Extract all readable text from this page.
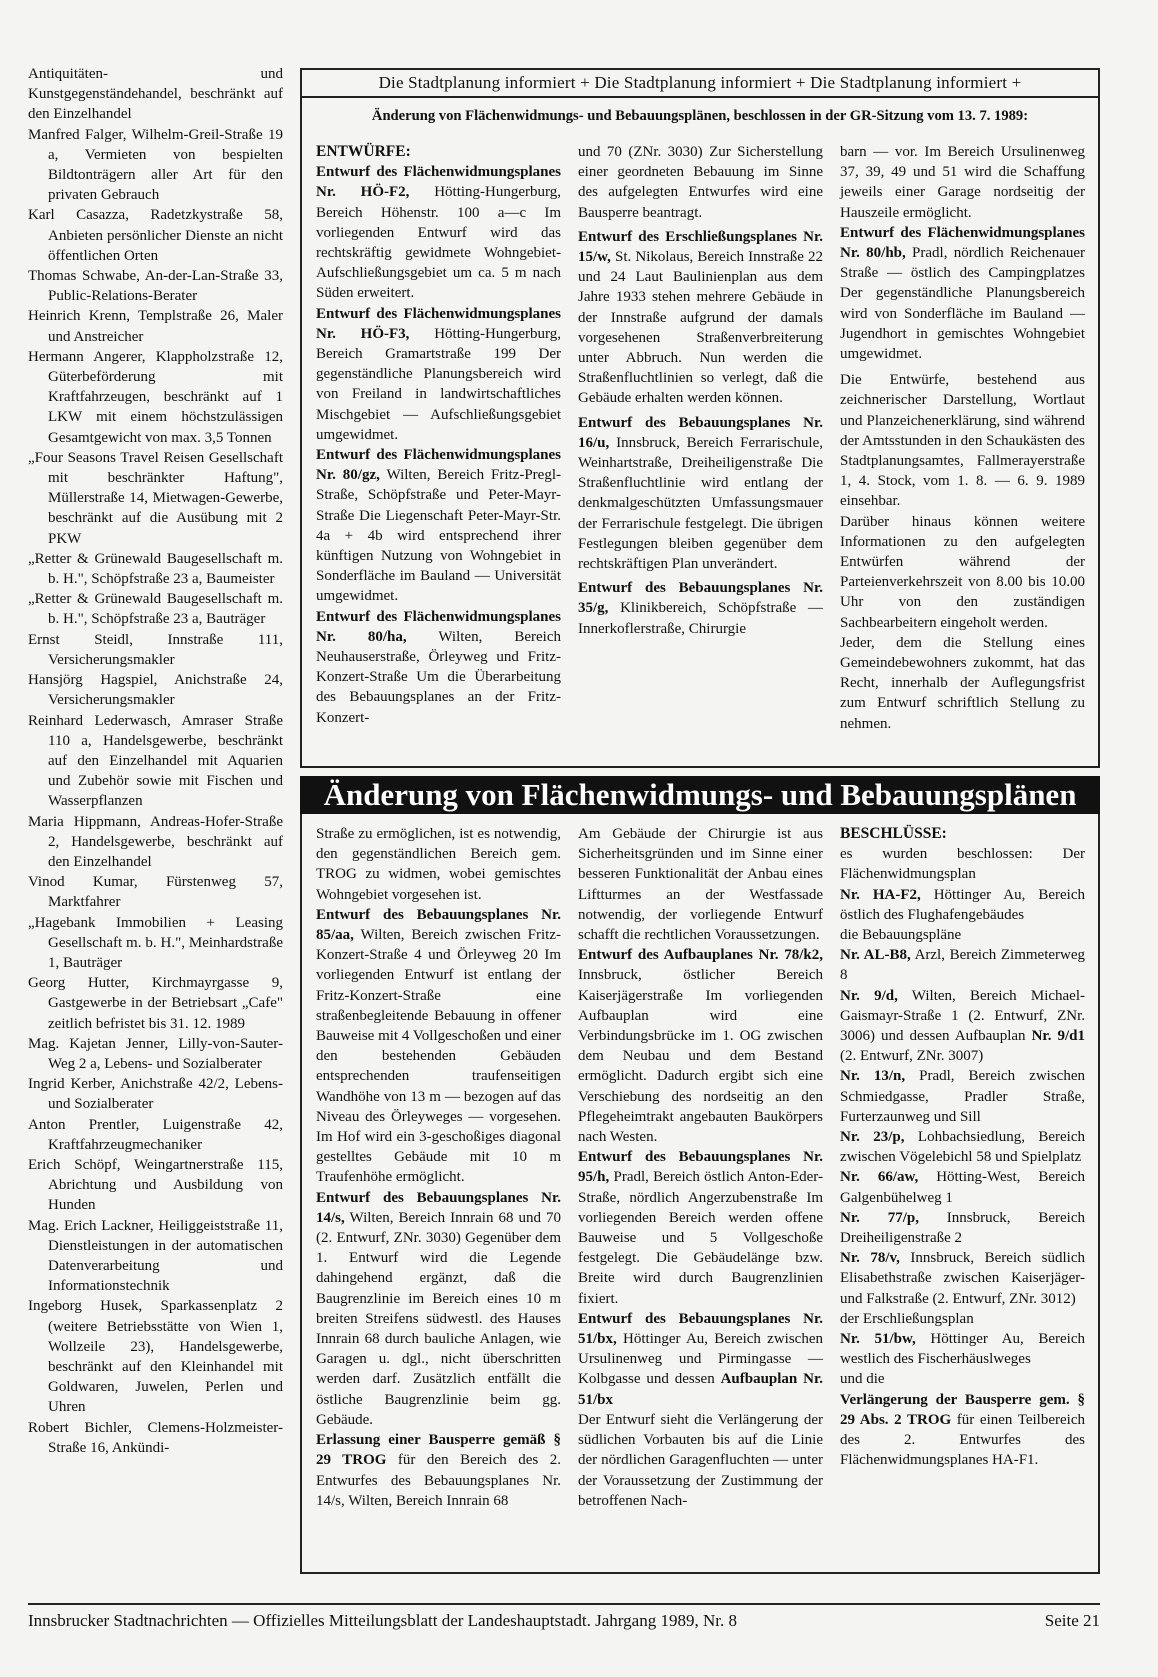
Antiquitäten- und Kunstgegenständehandel, beschränkt auf den Einzelhandel

Manfred Falger, Wilhelm-Greil-Straße 19 a, Vermieten von bespielten Bildtonträgern aller Art für den privaten Gebrauch

Karl Casazza, Radetzkystraße 58, Anbieten persönlicher Dienste an nicht öffentlichen Orten

Thomas Schwabe, An-der-Lan-Straße 33, Public-Relations-Berater

Heinrich Krenn, Templstraße 26, Maler und Anstreicher

Hermann Angerer, Klappholzstraße 12, Güterbeförderung mit Kraftfahrzeugen, beschränkt auf 1 LKW mit einem höchstzulässigen Gesamtgewicht von max. 3,5 Tonnen

„Four Seasons Travel Reisen Gesellschaft mit beschränkter Haftung", Müllerstraße 14, Mietwagen-Gewerbe, beschränkt auf die Ausübung mit 2 PKW

„Retter & Grünewald Baugesellschaft m. b. H.", Schöpfstraße 23 a, Baumeister

„Retter & Grünewald Baugesellschaft m. b. H.", Schöpfstraße 23 a, Bauträger

Ernst Steidl, Innstraße 111, Versicherungsmakler

Hansjörg Hagspiel, Anichstraße 24, Versicherungsmakler

Reinhard Lederwasch, Amraser Straße 110 a, Handelsgewerbe, beschränkt auf den Einzelhandel mit Aquarien und Zubehör sowie mit Fischen und Wasserpflanzen

Maria Hippmann, Andreas-Hofer-Straße 2, Handelsgewerbe, beschränkt auf den Einzelhandel

Vinod Kumar, Fürstenweg 57, Marktfahrer

„Hagebank Immobilien + Leasing Gesellschaft m. b. H.", Meinhardstraße 1, Bauträger

Georg Hutter, Kirchmayrgasse 9, Gastgewerbe in der Betriebsart „Cafe" zeitlich befristet bis 31. 12. 1989

Mag. Kajetan Jenner, Lilly-von-Sauter-Weg 2 a, Lebens- und Sozialberater

Ingrid Kerber, Anichstraße 42/2, Lebens- und Sozialberater

Anton Prentler, Luigenstraße 42, Kraftfahrzeugmechaniker

Erich Schöpf, Weingartnerstraße 115, Abrichtung und Ausbildung von Hunden

Mag. Erich Lackner, Heiliggeiststraße 11, Dienstleistungen in der automatischen Datenverarbeitung und Informationstechnik

Ingeborg Husek, Sparkassenplatz 2 (weitere Betriebsstätte von Wien 1, Wollzeile 23), Handelsgewerbe, beschränkt auf den Kleinhandel mit Goldwaren, Juwelen, Perlen und Uhren

Robert Bichler, Clemens-Holzmeister-Straße 16, Ankündi-

Die Stadtplanung informiert + Die Stadtplanung informiert + Die Stadtplanung informiert +
Änderung von Flächenwidmungs- und Bebauungsplänen, beschlossen in der GR-Sitzung vom 13. 7. 1989:

ENTWÜRFE:

Entwurf des Flächenwidmungsplanes Nr. HÖ-F2, Hötting-Hungerburg, Bereich Höhenstr. 100 a—c Im vorliegenden Entwurf wird das rechtskräftig gewidmete Wohngebiet-Aufschließungsgebiet um ca. 5 m nach Süden erweitert.

Entwurf des Flächenwidmungsplanes Nr. HÖ-F3, Hötting-Hungerburg, Bereich Gramartstraße 199 Der gegenständliche Planungsbereich wird von Freiland in landwirtschaftliches Mischgebiet — Aufschließungsgebiet umgewidmet.

Entwurf des Flächenwidmungsplanes Nr. 80/gz, Wilten, Bereich Fritz-Pregl-Straße, Schöpfstraße und Peter-Mayr-Straße Die Liegenschaft Peter-Mayr-Str. 4a + 4b wird entsprechend ihrer künftigen Nutzung von Wohngebiet in Sonderfläche im Bauland — Universität umgewidmet.

Entwurf des Flächenwidmungsplanes Nr. 80/ha, Wilten, Bereich Neuhauserstraße, Örleyweg und Fritz-Konzert-Straße Um die Überarbeitung des Bebauungsplanes an der Fritz-Konzert-

und 70 (ZNr. 3030) Zur Sicherstellung einer geordneten Bebauung im Sinne des aufgelegten Entwurfes wird eine Bausperre beantragt.

Entwurf des Erschließungsplanes Nr. 15/w, St. Nikolaus, Bereich Innstraße 22 und 24 Laut Baulinienplan aus dem Jahre 1933 stehen mehrere Gebäude in der Innstraße aufgrund der damals vorgesehenen Straßenverbreiterung unter Abbruch. Nun werden die Straßenfluchtlinien so verlegt, daß die Gebäude erhalten werden können.

Entwurf des Bebauungsplanes Nr. 16/u, Innsbruck, Bereich Ferrarischule, Weinhartstraße, Dreiheiligenstraße Die Straßenfluchtlinie wird entlang der denkmalgeschützten Umfassungsmauer der Ferrarischule festgelegt. Die übrigen Festlegungen bleiben gegenüber dem rechtskräftigen Plan unverändert.

Entwurf des Bebauungsplanes Nr. 35/g, Klinikbereich, Schöpfstraße — Innerkoflerstraße, Chirurgie

barn — vor. Im Bereich Ursulinenweg 37, 39, 49 und 51 wird die Schaffung jeweils einer Garage nordseitig der Hauszeile ermöglicht.

Entwurf des Flächenwidmungsplanes Nr. 80/hb, Pradl, nördlich Reichenauer Straße — östlich des Campingplatzes Der gegenständliche Planungsbereich wird von Sonderfläche im Bauland — Jugendhort in gemischtes Wohngebiet umgewidmet.

Die Entwürfe, bestehend aus zeichnerischer Darstellung, Wortlaut und Planzeichenerklärung, sind während der Amtsstunden in den Schaukästen des Stadtplanungsamtes, Fallmerayerstraße 1, 4. Stock, vom 1. 8. — 6. 9. 1989 einsehbar.

Darüber hinaus können weitere Informationen zu den aufgelegten Entwürfen während der Parteienverkehrszeit von 8.00 bis 10.00 Uhr von den zuständigen Sachbearbeitern eingeholt werden.

Jeder, dem die Stellung eines Gemeindebewohners zukommt, hat das Recht, innerhalb der Auflegungsfrist zum Entwurf schriftlich Stellung zu nehmen.

Änderung von Flächenwidmungs- und Bebauungsplänen

Straße zu ermöglichen, ist es notwendig, den gegenständlichen Bereich gem. TROG zu widmen, wobei gemischtes Wohngebiet vorgesehen ist.

Entwurf des Bebauungsplanes Nr. 85/aa, Wilten, Bereich zwischen Fritz-Konzert-Straße 4 und Örleyweg 20 Im vorliegenden Entwurf ist entlang der Fritz-Konzert-Straße eine straßenbegleitende Bebauung in offener Bauweise mit 4 Vollgeschoßen und einer den bestehenden Gebäuden entsprechenden traufenseitigen Wandhöhe von 13 m — bezogen auf das Niveau des Örleyweges — vorgesehen. Im Hof wird ein 3-geschoßiges diagonal gestelltes Gebäude mit 10 m Traufenhöhe ermöglicht.

Entwurf des Bebauungsplanes Nr. 14/s, Wilten, Bereich Innrain 68 und 70 (2. Entwurf, ZNr. 3030) Gegenüber dem 1. Entwurf wird die Legende dahingehend ergänzt, daß die Baugrenzlinie im Bereich eines 10 m breiten Streifens südwestl. des Hauses Innrain 68 durch bauliche Anlagen, wie Garagen u. dgl., nicht überschritten werden darf. Zusätzlich entfällt die östliche Baugrenzlinie beim gg. Gebäude.

Erlassung einer Bausperre gemäß § 29 TROG für den Bereich des 2. Entwurfes des Bebauungsplanes Nr. 14/s, Wilten, Bereich Innrain 68

Am Gebäude der Chirurgie ist aus Sicherheitsgründen und im Sinne einer besseren Funktionalität der Anbau eines Liftturmes an der Westfassade notwendig, der vorliegende Entwurf schafft die rechtlichen Voraussetzungen.

Entwurf des Aufbauplanes Nr. 78/k2, Innsbruck, östlicher Bereich Kaiserjägerstraße Im vorliegenden Aufbauplan wird eine Verbindungsbrücke im 1. OG zwischen dem Neubau und dem Bestand ermöglicht. Dadurch ergibt sich eine Verschiebung des nordseitig an den Pflegeheimtrakt angebauten Baukörpers nach Westen.

Entwurf des Bebauungsplanes Nr. 95/h, Pradl, Bereich östlich Anton-Eder-Straße, nördlich Angerzubenstraße Im vorliegenden Bereich werden offene Bauweise und 5 Vollgeschoße festgelegt. Die Gebäudelänge bzw. Breite wird durch Baugrenzlinien fixiert.

Entwurf des Bebauungsplanes Nr. 51/bx, Höttinger Au, Bereich zwischen Ursulinenweg und Pirmingasse — Kolbgasse und dessen Aufbauplan Nr. 51/bx

Der Entwurf sieht die Verlängerung der südlichen Vorbauten bis auf die Linie der nördlichen Garagenfluchten — unter der Voraussetzung der Zustimmung der betroffenen Nach-

BESCHLÜSSE:

es wurden beschlossen: Der Flächenwidmungsplan

Nr. HA-F2, Höttinger Au, Bereich östlich des Flughafengebäudes

die Bebauungspläne

Nr. AL-B8, Arzl, Bereich Zimmeterweg 8

Nr. 9/d, Wilten, Bereich Michael-Gaismayr-Straße 1 (2. Entwurf, ZNr. 3006) und dessen Aufbauplan Nr. 9/d1 (2. Entwurf, ZNr. 3007)

Nr. 13/n, Pradl, Bereich zwischen Schmiedgasse, Pradler Straße, Furterzaunweg und Sill

Nr. 23/p, Lohbachsiedlung, Bereich zwischen Vögelebichl 58 und Spielplatz

Nr. 66/aw, Hötting-West, Bereich Galgenbühelweg 1

Nr. 77/p, Innsbruck, Bereich Dreiheiligenstraße 2

Nr. 78/v, Innsbruck, Bereich südlich Elisabethstraße zwischen Kaiserjäger- und Falkstraße (2. Entwurf, ZNr. 3012)

der Erschließungsplan

Nr. 51/bw, Höttinger Au, Bereich westlich des Fischerhäuslweges

und die

Verlängerung der Bausperre gem. § 29 Abs. 2 TROG für einen Teilbereich des 2. Entwurfes des Flächenwidmungsplanes HA-F1.

Innsbrucker Stadtnachrichten — Offizielles Mitteilungsblatt der Landeshauptstadt. Jahrgang 1989, Nr. 8	Seite 21
